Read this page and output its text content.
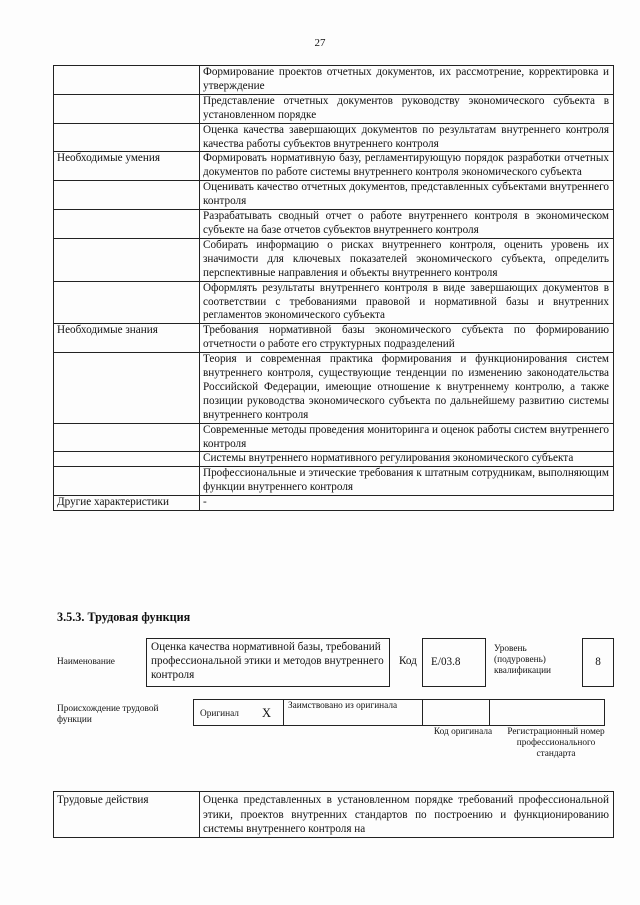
27
	Формирование проектов отчетных документов, их рассмотрение, корректировка и утверждение
	Представление отчетных документов руководству экономического субъекта в установленном порядке
	Оценка качества завершающих документов по результатам внутреннего контроля качества работы субъектов внутреннего контроля
Необходимые умения	Формировать нормативную базу, регламентирующую порядок разработки отчетных документов по работе системы внутреннего контроля экономического субъекта
	Оценивать качество отчетных документов, представленных субъектами внутреннего контроля
	Разрабатывать сводный отчет о работе внутреннего контроля в экономическом субъекте на базе отчетов субъектов внутреннего контроля
	Собирать информацию о рисках внутреннего контроля, оценить уровень их значимости для ключевых показателей экономического субъекта, определить перспективные направления и объекты внутреннего контроля
	Оформлять результаты внутреннего контроля в виде завершающих документов в соответствии с требованиями правовой и нормативной базы и внутренних регламентов экономического субъекта
Необходимые знания	Требования нормативной базы экономического субъекта по формированию отчетности о работе его структурных подразделений
	Теория и современная практика формирования и функционирования систем внутреннего контроля, существующие тенденции по изменению законодательства Российской Федерации, имеющие отношение к внутреннему контролю, а также позиции руководства экономического субъекта по дальнейшему развитию системы внутреннего контроля
	Современные методы проведения мониторинга и оценок работы систем внутреннего контроля
	Системы внутреннего нормативного регулирования экономического субъекта
	Профессиональные и этические требования к штатным сотрудникам, выполняющим функции внутреннего контроля
Другие характеристики	-
3.5.3. Трудовая функция
Наименование
Оценка качества нормативной базы, требований профессиональной этики и методов внутреннего контроля
Код	E/03.8
Уровень (подуровень) квалификации
8
Происхождение трудовой функции
Оригинал	X	Заимствовано из оригинала

Код оригинала	Регистрационный номер профессионального стандарта
Трудовые действия	Оценка представленных в установленном порядке требований профессиональной этики, проектов внутренних стандартов по построению и функционированию системы внутреннего контроля на
